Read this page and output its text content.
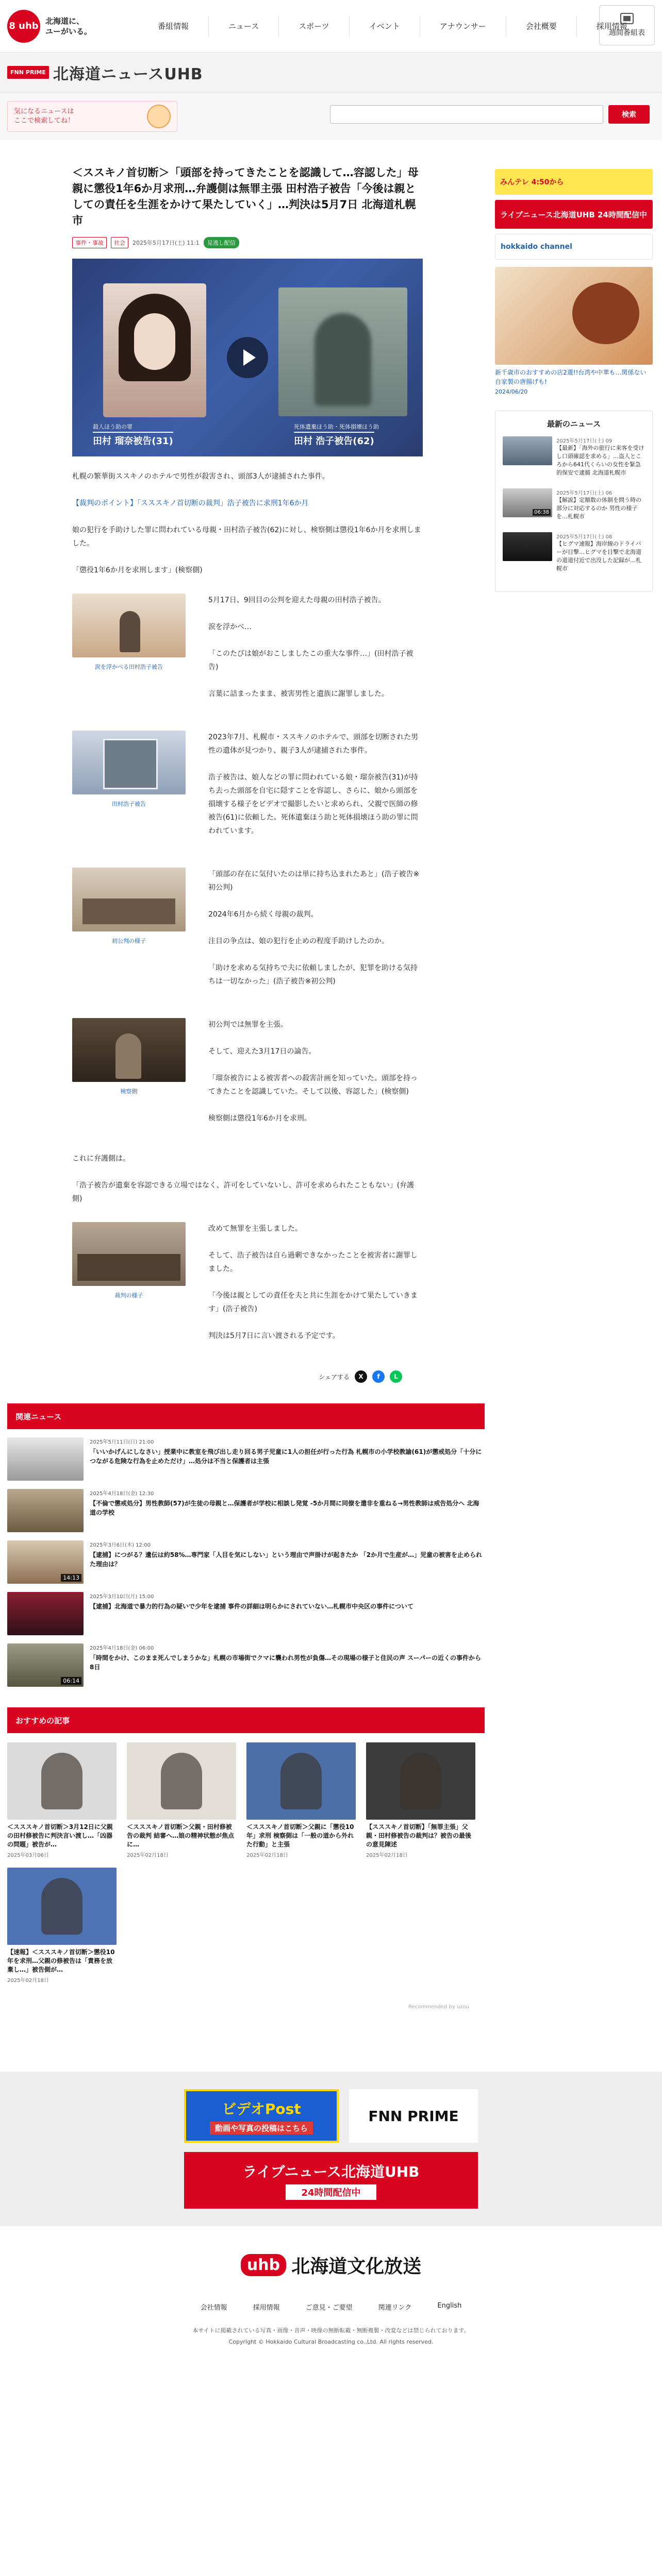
8 uhb 北海道に、
ユーがいる。
番組情報	ニュース	スポーツ	イベント	アナウンサー	会社概要	採用情報
週間番組表
FNN PRIME 北海道ニュースUHB
気になるニュースは
ここで検索してね！
検索
＜ススキノ首切断＞「頭部を持ってきたことを認識して…容認した」母親に懲役1年6か月求刑…弁護側は無罪主張 田村浩子被告「今後は親としての責任を生涯をかけて果たしていく」…判決は5月7日 北海道札幌市
事件・事故	社会	2025年5月17日(土) 11:1	見逃し配信
殺人ほう助の罪
田村 瑠奈被告(31)
死体遺棄ほう助・死体損壊ほう助
田村 浩子被告(62)

札幌の繁華街ススキノのホテルで男性が殺害され、頭部3人が逮捕された事件。

【裁判のポイント】「スススキノ首切断の裁判」浩子被告に求刑1年6か月

娘の犯行を手助けした罪に問われている母親・田村浩子被告(62)に対し、検察側は懲役1年6か月を求刑しました。

「懲役1年6か月を求刑します」(検察側)

涙を浮かべる田村浩子被告

5月17日、9回目の公判を迎えた母親の田村浩子被告。

涙を浮かべ…

「このたびは娘がおこしましたこの重大な事件…」(田村浩子被告)

言葉に詰まったまま、被害男性と遺族に謝罪しました。

田村浩子被告

2023年7月、札幌市・ススキノのホテルで、頭部を切断された男性の遺体が見つかり、親子3人が逮捕された事件。

浩子被告は、娘人などの罪に問われている娘・瑠奈被告(31)が持ち去った頭部を自宅に隠すことを容認し、さらに、娘から頭部を損壊する様子をビデオで撮影したいと求められ、父親で医師の修被告(61)に依頼した。死体遺棄ほう助と死体損壊ほう助の罪に問われています。

初公判の様子

「頭部の存在に気付いたのは単に持ち込まれたあと」(浩子被告※初公判)

2024年6月から続く母親の裁判。

注目の争点は、娘の犯行を止めの程度手助けしたのか。

「助けを求める気持ちで夫に依頼しましたが、犯罪を助ける気持ちは一切なかった」(浩子被告※初公判)

検察側

初公判では無罪を主張。

そして、迎えた3月17日の論告。

「瑠奈被告による被害者への殺害計画を知っていた。頭部を持ってきたことを認識していた。そして以後、容認した」(検察側)

検察側は懲役1年6か月を求刑。

これに弁護側は。

「浩子被告が遺棄を容認できる立場ではなく、許可をしていないし、許可を求められたこともない」(弁護側)

裁判の様子

改めて無罪を主張しました。

そして、浩子被告は自ら過剰できなかったことを被害者に謝罪しました。

「今後は親としての責任を夫と共に生涯をかけて果たしていきます」(浩子被告)

判決は5月7日に言い渡される予定です。

シェアする	X	f	L
みんテレ 4:50から
ライブニュース北海道UHB 24時間配信中
hokkaido channel
新千歳市のおすすめの店2選!!台湾や中華も…関係ない 自家製の唐揚げも!
2024/06/20
最新のニュース
2025年5月17日(土) 09
【最新】「海外の旅行に来客を受けし口頭確認を求める」…盗人ところから641代くらいの女性を緊急的保安で逮捕 北海道札幌市
06:38
2025年5月17日(土) 06
【解説】定額数の体制を問う時の部分に対応するのか 男性の様子を…札幌市
2025年5月17日(土) 08
【ヒグマ速報】海岸線のドライバーが目撃…ヒグマを目撃で北海道の道道付近で出没した記録が…札幌市
関連ニュース
2025年5月11日(日) 21:00
「いいかげんにしなさい」授業中に教室を飛び出し走り回る男子児童に1人の担任が行った行為 札幌市の小学校教諭(61)が懲戒処分「十分につながる危険な行為を止めただけ」…処分は不当と保護者は主張
2025年4月18日(金) 12:30
【不倫で懲戒処分】男性教師(57)が生徒の母親と…保護者が学校に相談し発覚 -5か月間に同僚を遣非を重ねる→男性教師は戒告処分へ 北海道の学校
14:13
2025年3月6日(木) 12:00
【逮捕】につがる？遺伝は約58%…専門家「人目を気にしない」という理由で声掛けが起きたか 「2か月で生産が…」児童の被害を止められた理由は？
2025年3月10日(月) 15:00
【逮捕】北海道で暴力的行為の疑いで少年を逮捕 事件の詳細は明らかにされていない…札幌市中央区の事件について
06:14
2025年4月18日(金) 06:00
「時間をかけ、このまま死んでしまうかな」札幌の市場街でクマに襲われ男性が負傷…その現場の様子と住民の声 スーパーの近くの事件から8日
おすすめの記事
＜スススキノ首切断＞3月12日に父親の田村修被告に判決言い渡し…「凶器の問題」被告が…
2025年03月06日
＜スススキノ首切断＞父親・田村修被告の裁判 結審へ…娘の精神状態が焦点に…
2025年02月18日
＜スススキノ首切断＞父親に「懲役10年」求刑 検察側は「一般の道から外れた行動」と主張
2025年02月18日
【スススキノ首切断】「無罪主張」父親・田村修被告の裁判は？被告の最後の意見陳述
2025年02月18日
【速報】＜スススキノ首切断＞懲役10年を求刑…父親の修被告は「責務を放棄し…」被告側が…
2025年02月18日
Recommended by uzou
ビデオPost
動画や写真の投稿はこちら
FNN PRIME
ライブニュース北海道UHB
24時間配信中
uhb 北海道文化放送
会社情報	採用情報	ご意見・ご要望	関連リンク	English
本サイトに掲載されている写真・画像・音声・映像の無断転載・無断複製・改変などは禁じられております。
Copyright © Hokkaido Cultural Broadcasting co.,Ltd. All rights reserved.
